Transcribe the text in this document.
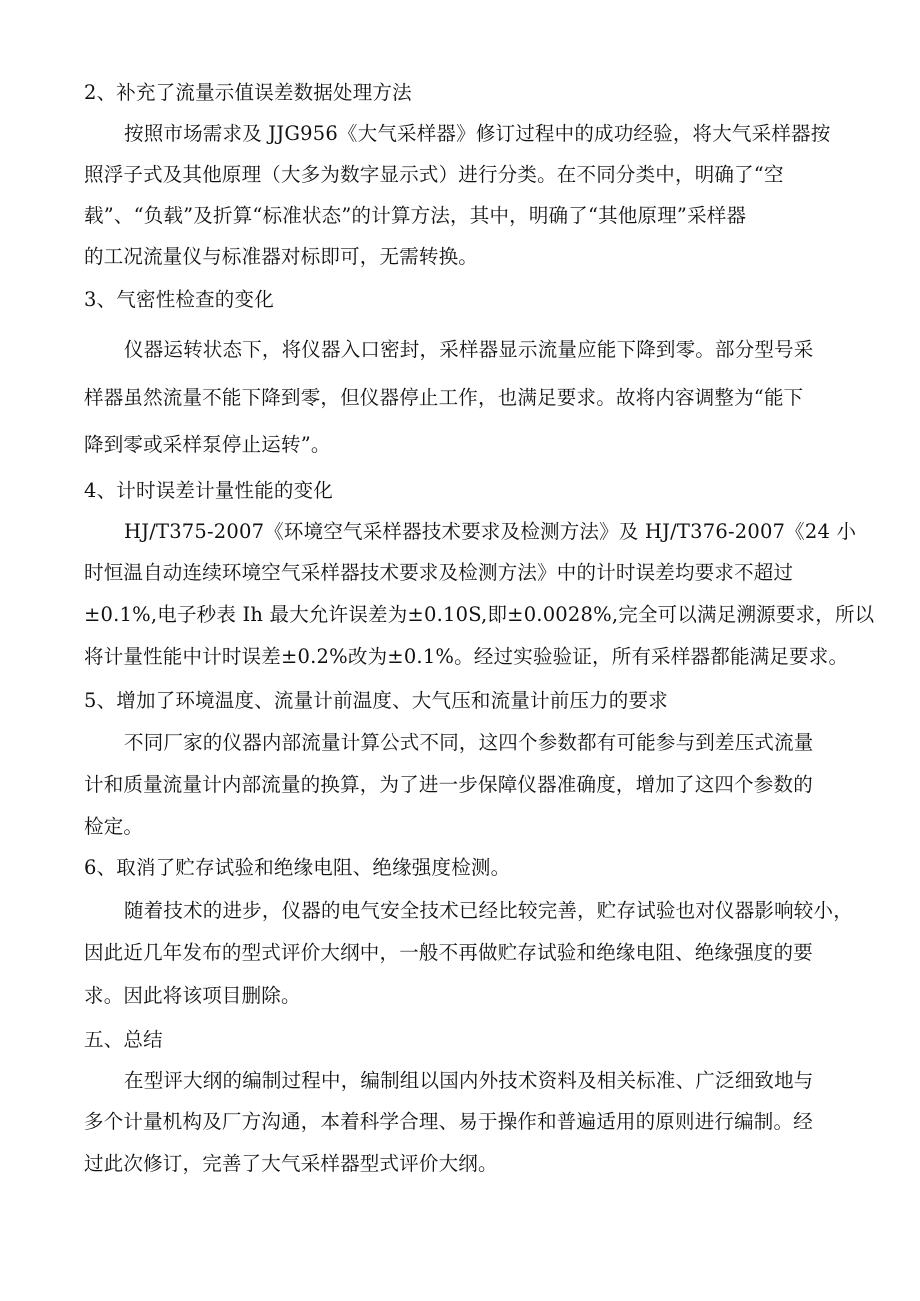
2、补充了流量示值误差数据处理方法
按照市场需求及 JJG956《大气采样器》修订过程中的成功经验，将大气采样器按
照浮子式及其他原理（大多为数字显示式）进行分类。在不同分类中，明确了“空
载”、“负载”及折算“标准状态”的计算方法，其中，明确了“其他原理”采样器
的工况流量仪与标准器对标即可，无需转换。
3、气密性检查的变化
仪器运转状态下，将仪器入口密封，采样器显示流量应能下降到零。部分型号采
样器虽然流量不能下降到零，但仪器停止工作，也满足要求。故将内容调整为“能下
降到零或采样泵停止运转”。
4、计时误差计量性能的变化
HJ/T375-2007《环境空气采样器技术要求及检测方法》及 HJ/T376-2007《24 小
时恒温自动连续环境空气采样器技术要求及检测方法》中的计时误差均要求不超过
±0.1%,电子秒表 Ih 最大允许误差为±0.10S,即±0.0028%,完全可以满足溯源要求，所以
将计量性能中计时误差±0.2%改为±0.1%。经过实验验证，所有采样器都能满足要求。
5、增加了环境温度、流量计前温度、大气压和流量计前压力的要求
不同厂家的仪器内部流量计算公式不同，这四个参数都有可能参与到差压式流量
计和质量流量计内部流量的换算，为了进一步保障仪器准确度，增加了这四个参数的
检定。
6、取消了贮存试验和绝缘电阻、绝缘强度检测。
随着技术的进步，仪器的电气安全技术已经比较完善，贮存试验也对仪器影响较小，
因此近几年发布的型式评价大纲中，一般不再做贮存试验和绝缘电阻、绝缘强度的要
求。因此将该项目删除。
五、总结
在型评大纲的编制过程中，编制组以国内外技术资料及相关标准、广泛细致地与
多个计量机构及厂方沟通，本着科学合理、易于操作和普遍适用的原则进行编制。经
过此次修订，完善了大气采样器型式评价大纲。
